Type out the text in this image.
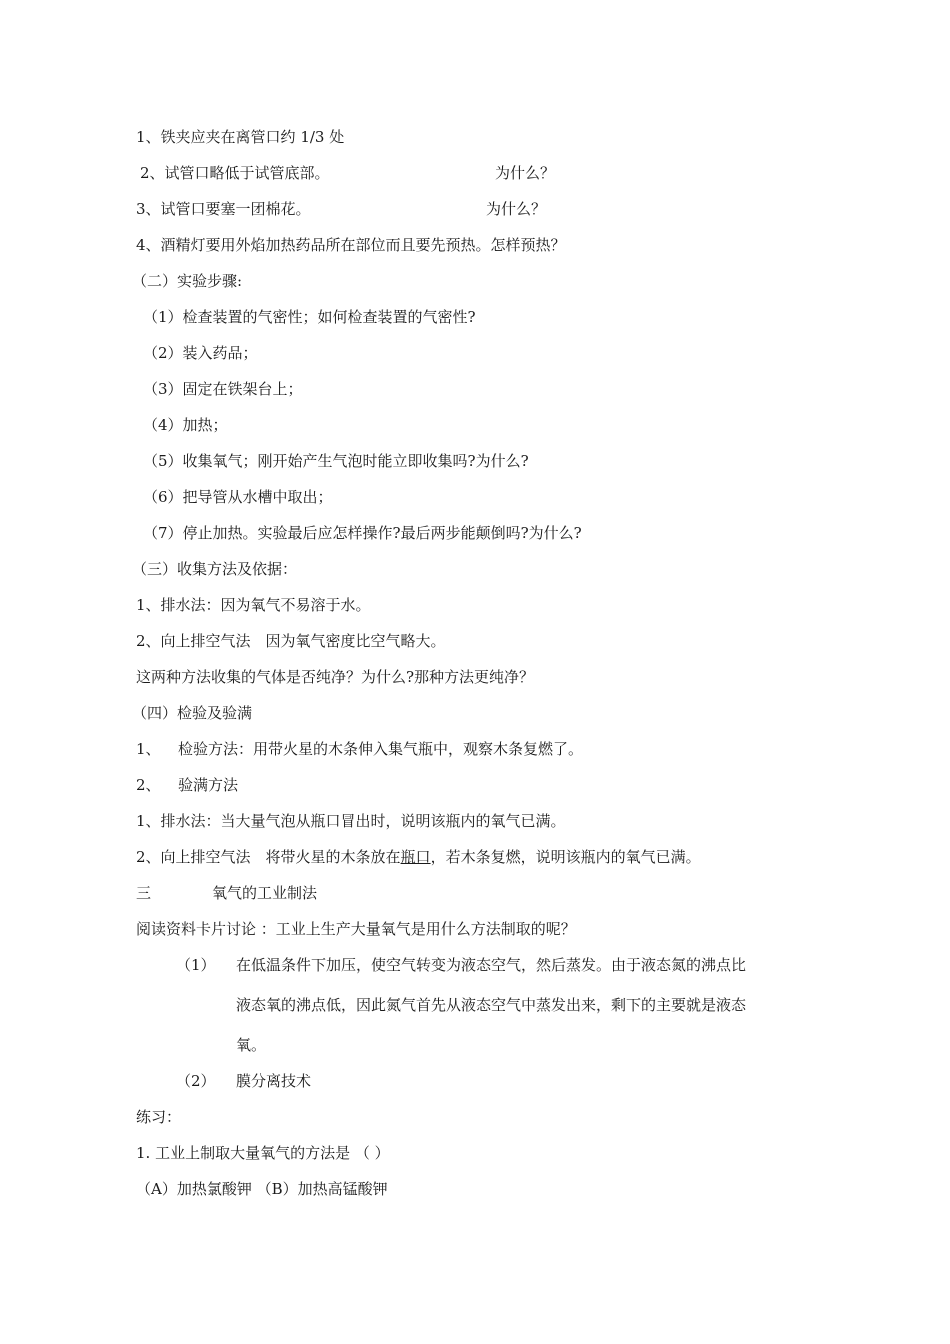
1、铁夹应夹在离管口约 1/3 处
2、试管口略低于试管底部。	为什么？
3、试管口要塞一团棉花。	为什么？
4、酒精灯要用外焰加热药品所在部位而且要先预热。怎样预热？
（二）实验步骤:
（1）检查装置的气密性；如何检查装置的气密性?
（2）装入药品；
（3）固定在铁架台上；
（4）加热；
（5）收集氧气；刚开始产生气泡时能立即收集吗?为什么?
（6）把导管从水槽中取出；
（7）停止加热。实验最后应怎样操作?最后两步能颠倒吗?为什么?
（三）收集方法及依据：
1、排水法：因为氧气不易溶于水。
2、向上排空气法　因为氧气密度比空气略大。
这两种方法收集的气体是否纯净？为什么?那种方法更纯净？
（四）检验及验满
1、 检验方法：用带火星的木条伸入集气瓶中，观察木条复燃了。
2、 验满方法
1、排水法：当大量气泡从瓶口冒出时，说明该瓶内的氧气已满。
2、向上排空气法　将带火星的木条放在瓶口，若木条复燃，说明该瓶内的氧气已满。
三	氧气的工业制法
阅读资料卡片讨论 ：工业上生产大量氧气是用什么方法制取的呢？
（1） 在低温条件下加压，使空气转变为液态空气，然后蒸发。由于液态氮的沸点比
液态氧的沸点低，因此氮气首先从液态空气中蒸发出来，剩下的主要就是液态
氧。
（2） 膜分离技术
练习：
1. 工业上制取大量氧气的方法是 （ ）
（A）加热氯酸钾 （B）加热高锰酸钾
